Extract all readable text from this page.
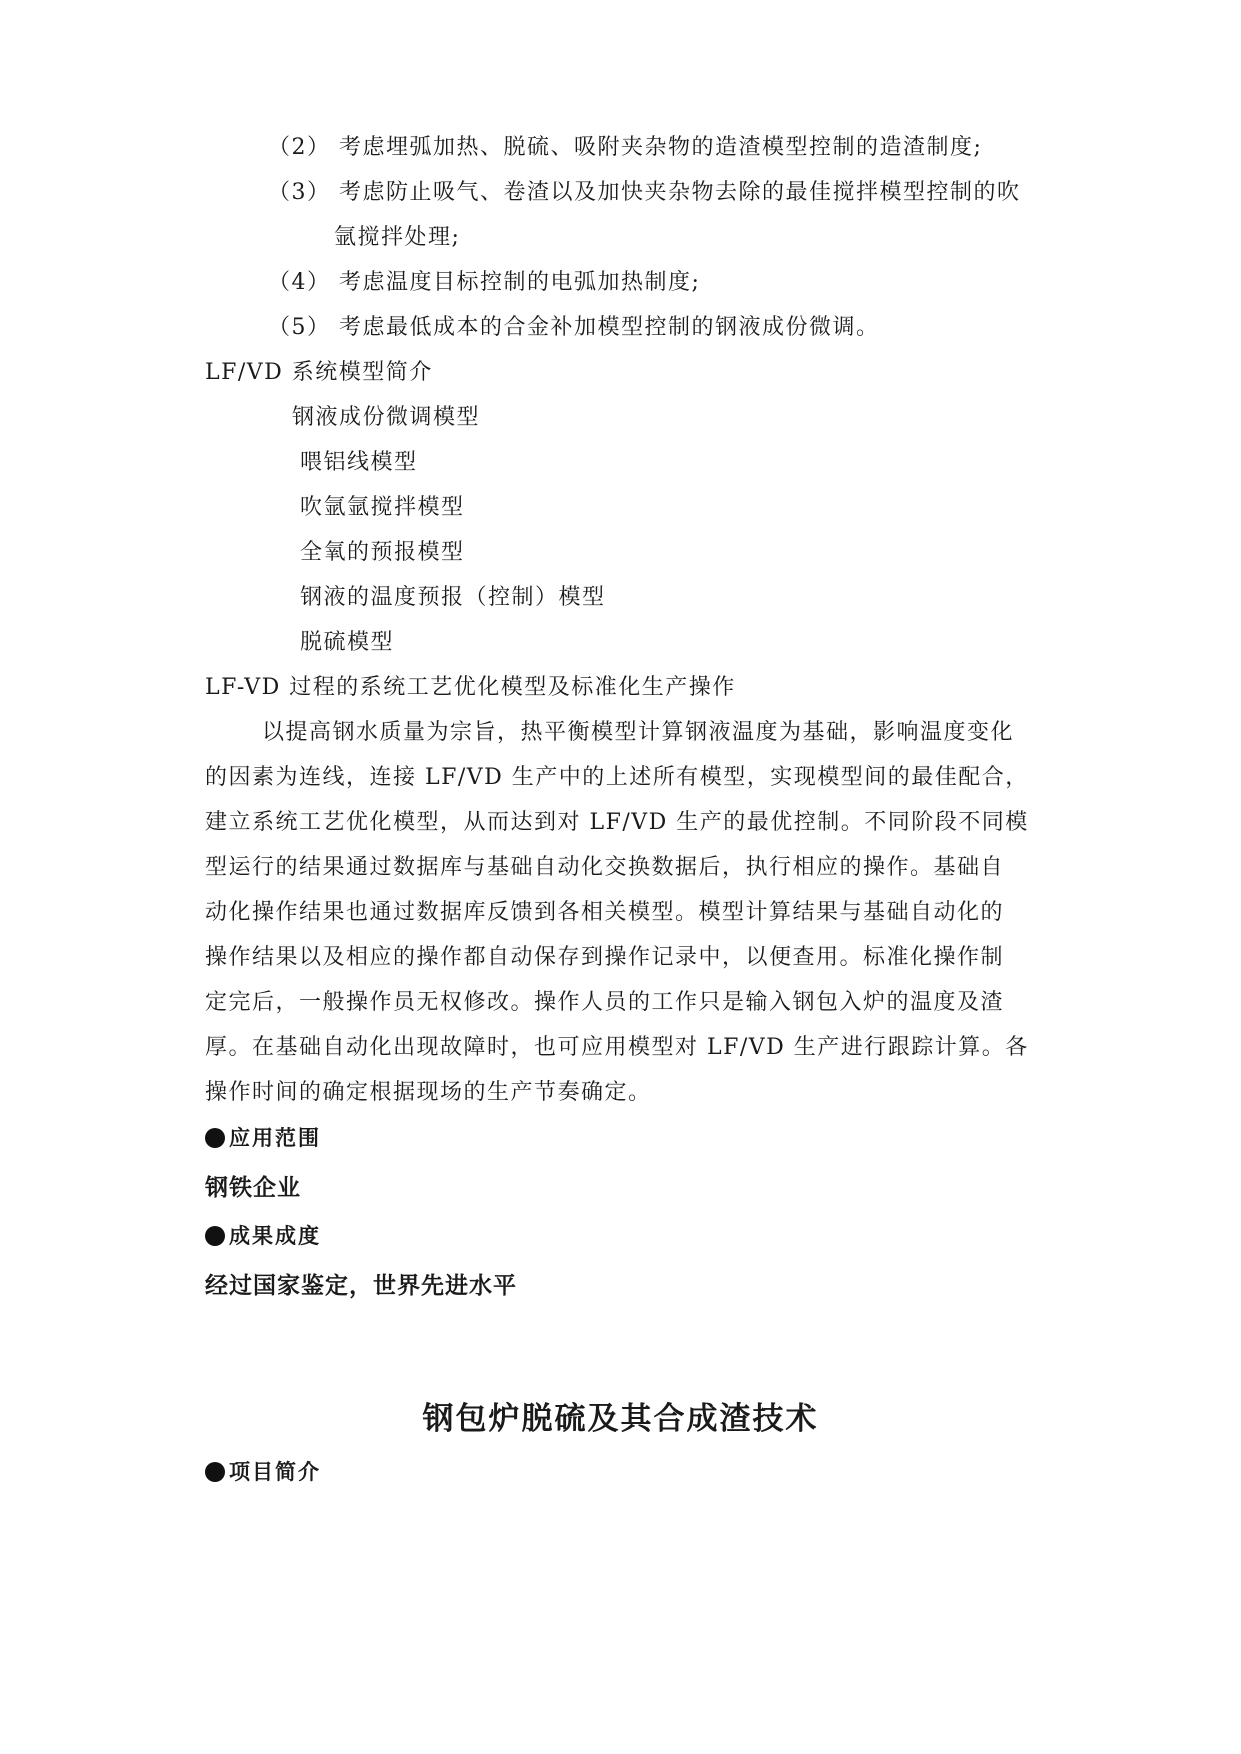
（2） 考虑埋弧加热、脱硫、吸附夹杂物的造渣模型控制的造渣制度;
（3） 考虑防止吸气、卷渣以及加快夹杂物去除的最佳搅拌模型控制的吹
氩搅拌处理;
（4） 考虑温度目标控制的电弧加热制度;
（5） 考虑最低成本的合金补加模型控制的钢液成份微调。
LF/VD 系统模型简介
钢液成份微调模型
喂铝线模型
吹氩氩搅拌模型
全氧的预报模型
钢液的温度预报（控制）模型
脱硫模型
LF-VD 过程的系统工艺优化模型及标准化生产操作
以提高钢水质量为宗旨，热平衡模型计算钢液温度为基础，影响温度变化
的因素为连线，连接 LF/VD 生产中的上述所有模型，实现模型间的最佳配合，
建立系统工艺优化模型，从而达到对 LF/VD 生产的最优控制。不同阶段不同模
型运行的结果通过数据库与基础自动化交换数据后，执行相应的操作。基础自
动化操作结果也通过数据库反馈到各相关模型。模型计算结果与基础自动化的
操作结果以及相应的操作都自动保存到操作记录中，以便查用。标准化操作制
定完后，一般操作员无权修改。操作人员的工作只是输入钢包入炉的温度及渣
厚。在基础自动化出现故障时，也可应用模型对 LF/VD 生产进行跟踪计算。各
操作时间的确定根据现场的生产节奏确定。
应用范围
钢铁企业
成果成度
经过国家鉴定，世界先进水平
钢包炉脱硫及其合成渣技术
项目简介
